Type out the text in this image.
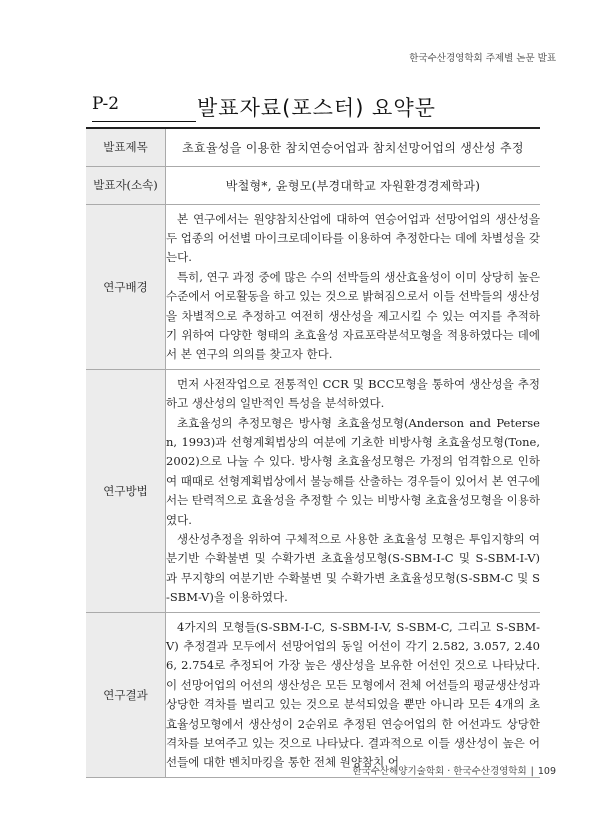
한국수산경영학회 주제별 논문 발표
P-2	발표자료(포스터) 요약문
발표제목	초효율성을 이용한 참치연승어업과 참치선망어업의 생산성 추정
발표자(소속)	박철형*, 윤형모(부경대학교 자원환경경제학과)
연구배경	본 연구에서는 원양참치산업에 대하여 연승어업과 선망어업의 생산성을 두 업종의 어선별 마이크로데이타를 이용하여 추정한다는 데에 차별성을 갖는다.

특히, 연구 과정 중에 많은 수의 선박들의 생산효율성이 이미 상당히 높은 수준에서 어로활동을 하고 있는 것으로 밝혀짐으로서 이들 선박들의 생산성을 차별적으로 추정하고 여전히 생산성을 제고시킬 수 있는 여지를 추적하기 위하여 다양한 형태의 초효율성 자료포락분석모형을 적용하였다는 데에서 본 연구의 의의를 찾고자 한다.

연구방법	먼저 사전작업으로 전통적인 CCR 및 BCC모형을 통하여 생산성을 추정하고 생산성의 일반적인 특성을 분석하였다.

초효율성의 추정모형은 방사형 초효율성모형(Anderson and Petersen, 1993)과 선형계획법상의 여분에 기초한 비방사형 초효율성모형(Tone, 2002)으로 나눌 수 있다. 방사형 초효율성모형은 가정의 엄격함으로 인하여 때때로 선형계획법상에서 불능해를 산출하는 경우들이 있어서 본 연구에서는 탄력적으로 효율성을 추정할 수 있는 비방사형 초효율성모형을 이용하였다.

생산성추정을 위하여 구체적으로 사용한 초효율성 모형은 투입지향의 여분기반 수확불변 및 수확가변 초효율성모형(S-SBM-I-C 및 S-SBM-I-V)과 무지향의 여분기반 수확불변 및 수확가변 초효율성모형(S-SBM-C 및 S-SBM-V)을 이용하였다.

연구결과	4가지의 모형들(S-SBM-I-C, S-SBM-I-V, S-SBM-C, 그리고 S-SBM-V) 추정결과 모두에서 선망어업의 동일 어선이 각기 2.582, 3.057, 2.406, 2.754로 추정되어 가장 높은 생산성을 보유한 어선인 것으로 나타났다. 이 선망어업의 어선의 생산성은 모든 모형에서 전체 어선들의 평균생산성과 상당한 격차를 벌리고 있는 것으로 분석되었을 뿐만 아니라 모든 4개의 초효율성모형에서 생산성이 2순위로 추정된 연승어업의 한 어선과도 상당한 격차를 보여주고 있는 것으로 나타났다. 결과적으로 이들 생산성이 높은 어선들에 대한 벤치마킹을 통한 전체 원양참치 어

한국수산해양기술학회 · 한국수산경영학회 | 109
